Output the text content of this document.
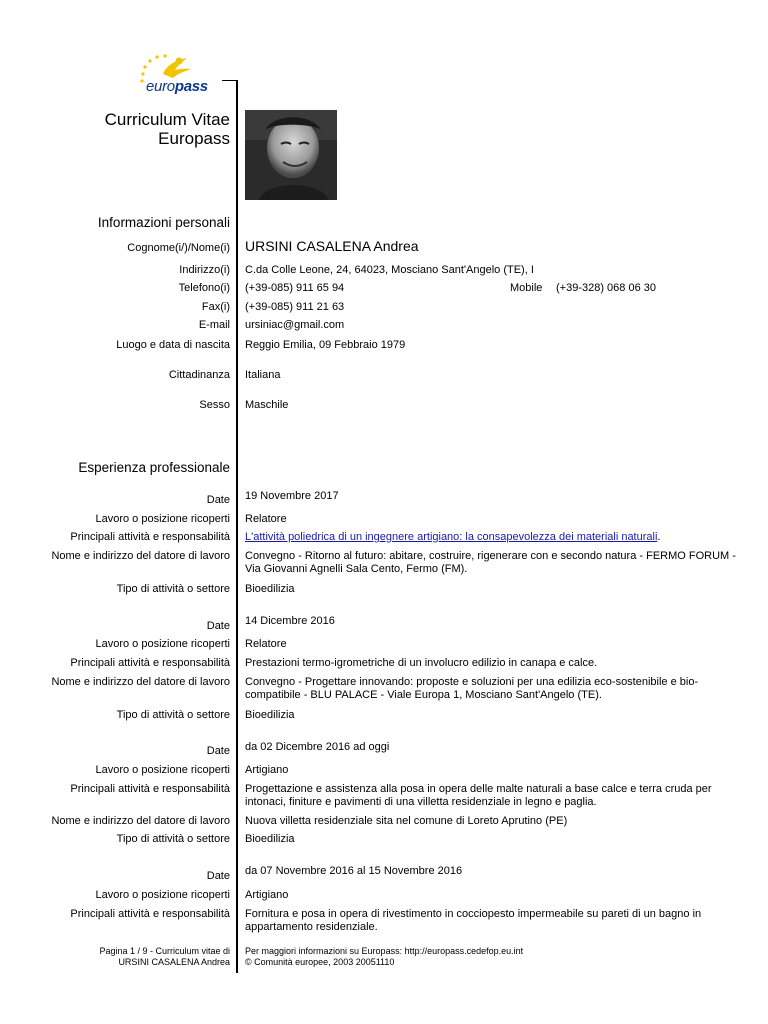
europass
Curriculum Vitae
Europass
Informazioni personali
Cognome(i/)/Nome(i) URSINI CASALENA Andrea
Indirizzo(i) C.da Colle Leone, 24, 64023, Mosciano Sant'Angelo (TE), I
Telefono(i) (+39-085) 911 65 94	Mobile (+39-328) 068 06 30
Fax(i) (+39-085) 911 21 63
E-mail ursiniac@gmail.com
Luogo e data di nascita Reggio Emilia, 09 Febbraio 1979
Cittadinanza Italiana
Sesso Maschile
Esperienza professionale
Date 19 Novembre 2017
Lavoro o posizione ricoperti Relatore
Principali attività e responsabilità L'attività poliedrica di un ingegnere artigiano: la consapevolezza dei materiali naturali.
Nome e indirizzo del datore di lavoro Convegno - Ritorno al futuro: abitare, costruire, rigenerare con e secondo natura - FERMO FORUM -
Via Giovanni Agnelli Sala Cento, Fermo (FM).
Tipo di attività o settore Bioedilizia
Date 14 Dicembre 2016
Lavoro o posizione ricoperti Relatore
Principali attività e responsabilità Prestazioni termo-igrometriche di un involucro edilizio in canapa e calce.
Nome e indirizzo del datore di lavoro Convegno - Progettare innovando: proposte e soluzioni per una edilizia eco-sostenibile e bio-
compatibile - BLU PALACE - Viale Europa 1, Mosciano Sant'Angelo (TE).
Tipo di attività o settore Bioedilizia
Date da 02 Dicembre 2016 ad oggi
Lavoro o posizione ricoperti Artigiano
Principali attività e responsabilità Progettazione e assistenza alla posa in opera delle malte naturali a base calce e terra cruda per
intonaci, finiture e pavimenti di una villetta residenziale in legno e paglia.
Nome e indirizzo del datore di lavoro Nuova villetta residenziale sita nel comune di Loreto Aprutino (PE)
Tipo di attività o settore Bioedilizia
Date da 07 Novembre 2016 al 15 Novembre 2016
Lavoro o posizione ricoperti Artigiano
Principali attività e responsabilità Fornitura e posa in opera di rivestimento in cocciopesto impermeabile su pareti di un bagno in
appartamento residenziale.
Pagina 1 / 9 - Curriculum vitae di
URSINI CASALENA Andrea
Per maggiori informazioni su Europass: http://europass.cedefop.eu.int
© Comunità europee, 2003 20051110
